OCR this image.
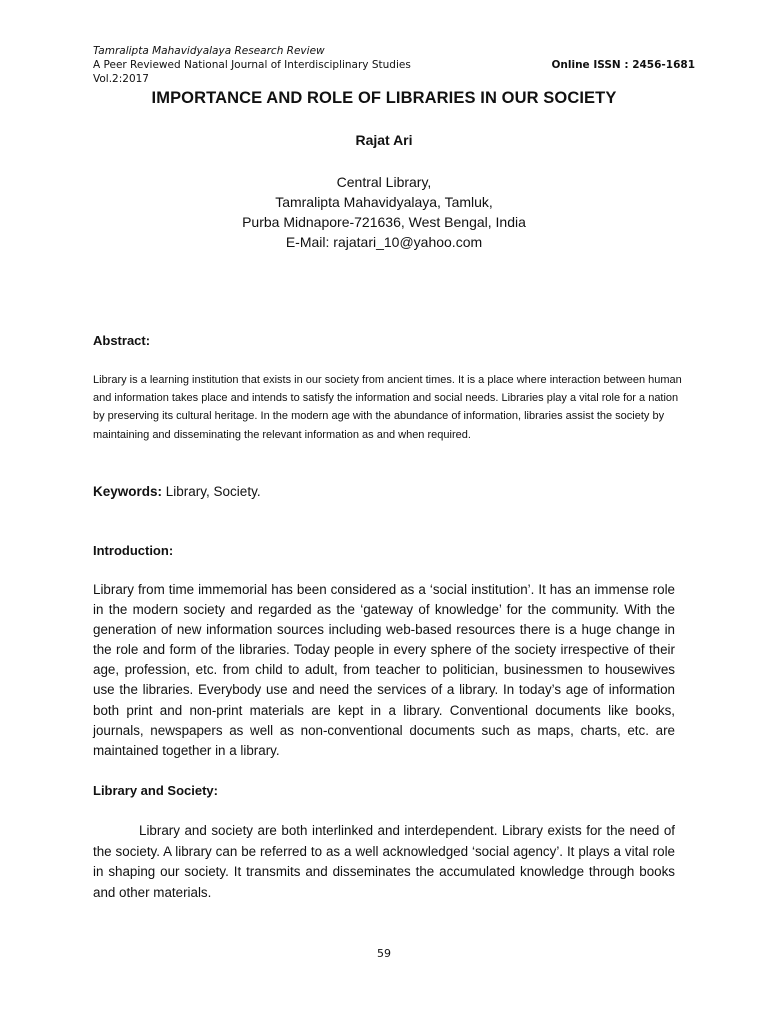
Tamralipta Mahavidyalaya Research Review
A Peer Reviewed National Journal of Interdisciplinary Studies	Online ISSN : 2456-1681
Vol.2:2017
IMPORTANCE AND ROLE OF LIBRARIES IN OUR SOCIETY
Rajat Ari
Central Library,
Tamralipta Mahavidyalaya, Tamluk,
Purba Midnapore-721636, West Bengal, India
E-Mail: rajatari_10@yahoo.com
Abstract:
Library is a learning institution that exists in our society from ancient times. It is a place where interaction between human and information takes place and intends to satisfy the information and social needs. Libraries play a vital role for a nation by preserving its cultural heritage. In the modern age with the abundance of information, libraries assist the society by maintaining and disseminating the relevant information as and when required.
Keywords: Library, Society.
Introduction:
Library from time immemorial has been considered as a ‘social institution’. It has an immense role in the modern society and regarded as the ‘gateway of knowledge’ for the community. With the generation of new information sources including web-based resources there is a huge change in the role and form of the libraries. Today people in every sphere of the society irrespective of their age, profession, etc. from child to adult, from teacher to politician, businessmen to housewives use the libraries. Everybody use and need the services of a library. In today’s age of information both print and non-print materials are kept in a library. Conventional documents like books, journals, newspapers as well as non-conventional documents such as maps, charts, etc. are maintained together in a library.
Library and Society:
Library and society are both interlinked and interdependent. Library exists for the need of the society. A library can be referred to as a well acknowledged ‘social agency’. It plays a vital role in shaping our society. It transmits and disseminates the accumulated knowledge through books and other materials.
59
